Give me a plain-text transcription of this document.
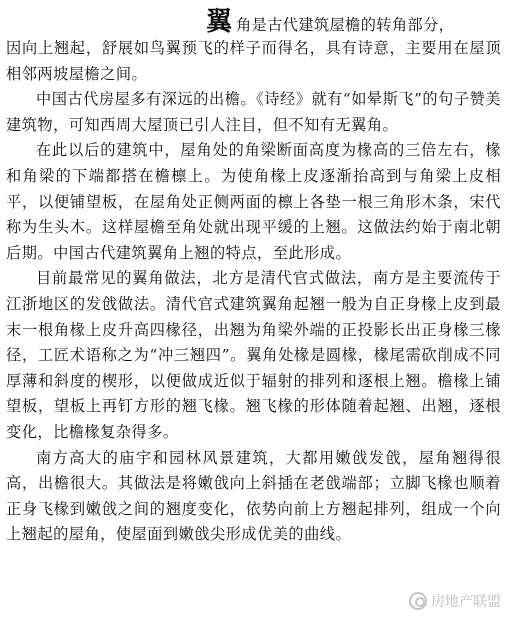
翼 角是古代建筑屋檐的转角部分，

因向上翘起，舒展如鸟翼预飞的样子而得名，具有诗意，主要用在屋顶相邻两坡屋檐之间。

中国古代房屋多有深远的出檐。《诗经》就有“如晕斯飞”的句子赞美建筑物，可知西周大屋顶已引人注目，但不知有无翼角。

在此以后的建筑中，屋角处的角梁断面高度为椽高的三倍左右，椽和角梁的下端都搭在檐檩上。为使角椽上皮逐渐抬高到与角梁上皮相平，以便铺望板，在屋角处正侧两面的檩上各垫一根三角形木条，宋代称为生头木。这样屋檐至角处就出现平缓的上翘。这做法约始于南北朝后期。中国古代建筑翼角上翘的特点，至此形成。

目前最常见的翼角做法，北方是清代官式做法，南方是主要流传于江浙地区的发戗做法。清代官式建筑翼角起翘一般为自正身椽上皮到最末一根角椽上皮升高四椽径，出翘为角梁外端的正投影长出正身椽三椽径，工匠术语称之为“冲三翘四”。翼角处椽是圆椽，椽尾需砍削成不同厚薄和斜度的楔形，以便做成近似于辐射的排列和逐根上翘。檐椽上铺望板，望板上再钉方形的翘飞椽。翘飞椽的形体随着起翘、出翘，逐根变化，比檐椽复杂得多。

南方高大的庙宇和园林风景建筑，大都用嫩戗发戗，屋角翘得很高，出檐很大。其做法是将嫩戗向上斜插在老戗端部；立脚飞椽也顺着正身飞椽到嫩戗之间的翘度变化，依势向前上方翘起排列，组成一个向上翘起的屋角，使屋面到嫩戗尖形成优美的曲线。

房地产联盟
